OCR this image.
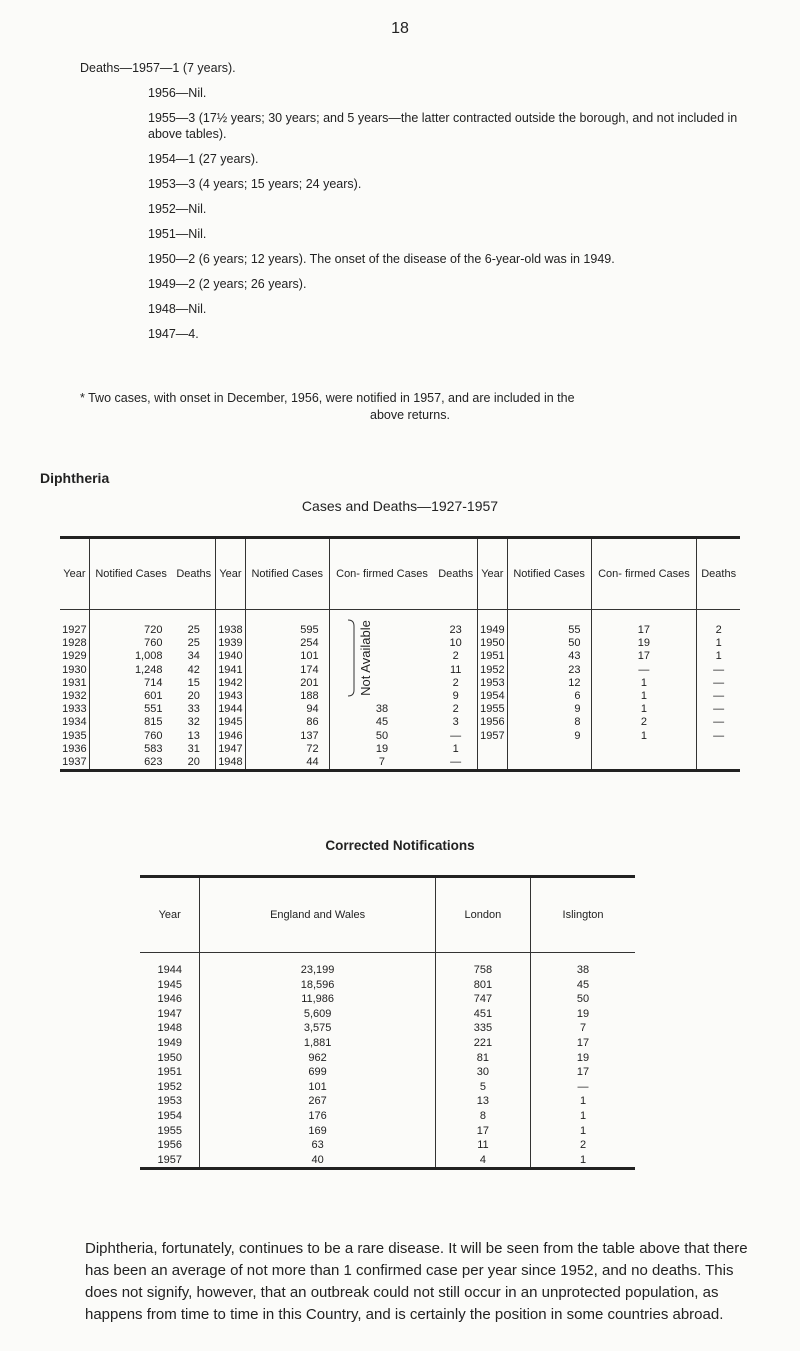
18

Deaths—1957—1 (7 years).

1956—Nil.

1955—3 (17½ years; 30 years; and 5 years—the latter contracted outside the borough, and not included in above tables).

1954—1 (27 years).

1953—3 (4 years; 15 years; 24 years).

1952—Nil.

1951—Nil.

1950—2 (6 years; 12 years). The onset of the disease of the 6-year-old was in 1949.

1949—2 (2 years; 26 years).

1948—Nil.

1947—4.

* Two cases, with onset in December, 1956, were notified in 1957, and are included in the

above returns.

Diphtheria
Cases and Deaths—1927-1957
Year	Notified Cases	Deaths	Year	Notified Cases	Con- firmed Cases	Deaths	Year	Notified Cases	Con- firmed Cases	Deaths
1927	720	25	1938	595		23	1949	55	17	2
1928	760	25	1939	254		10	1950	50	19	1
1929	1,008	34	1940	101		2	1951	43	17	1
1930	1,248	42	1941	174		11	1952	23	—	—
1931	714	15	1942	201		2	1953	12	1	—
1932	601	20	1943	188		9	1954	6	1	—
1933	551	33	1944	94	38	2	1955	9	1	—
1934	815	32	1945	86	45	3	1956	8	2	—
1935	760	13	1946	137	50	—	1957	9	1	—
1936	583	31	1947	72	19	1				
1937	623	20	1948	44	7	—				
Not Available
Corrected Notifications
Year	England and Wales	London	Islington
1944	23,199	758	38
1945	18,596	801	45
1946	11,986	747	50
1947	5,609	451	19
1948	3,575	335	7
1949	1,881	221	17
1950	962	81	19
1951	699	30	17
1952	101	5	—
1953	267	13	1
1954	176	8	1
1955	169	17	1
1956	63	11	2
1957	40	4	1
Diphtheria, fortunately, continues to be a rare disease. It will be seen from the table above that there has been an average of not more than 1 confirmed case per year since 1952, and no deaths. This does not signify, however, that an outbreak could not still occur in an unprotected population, as happens from time to time in this Country, and is certainly the position in some countries abroad.
